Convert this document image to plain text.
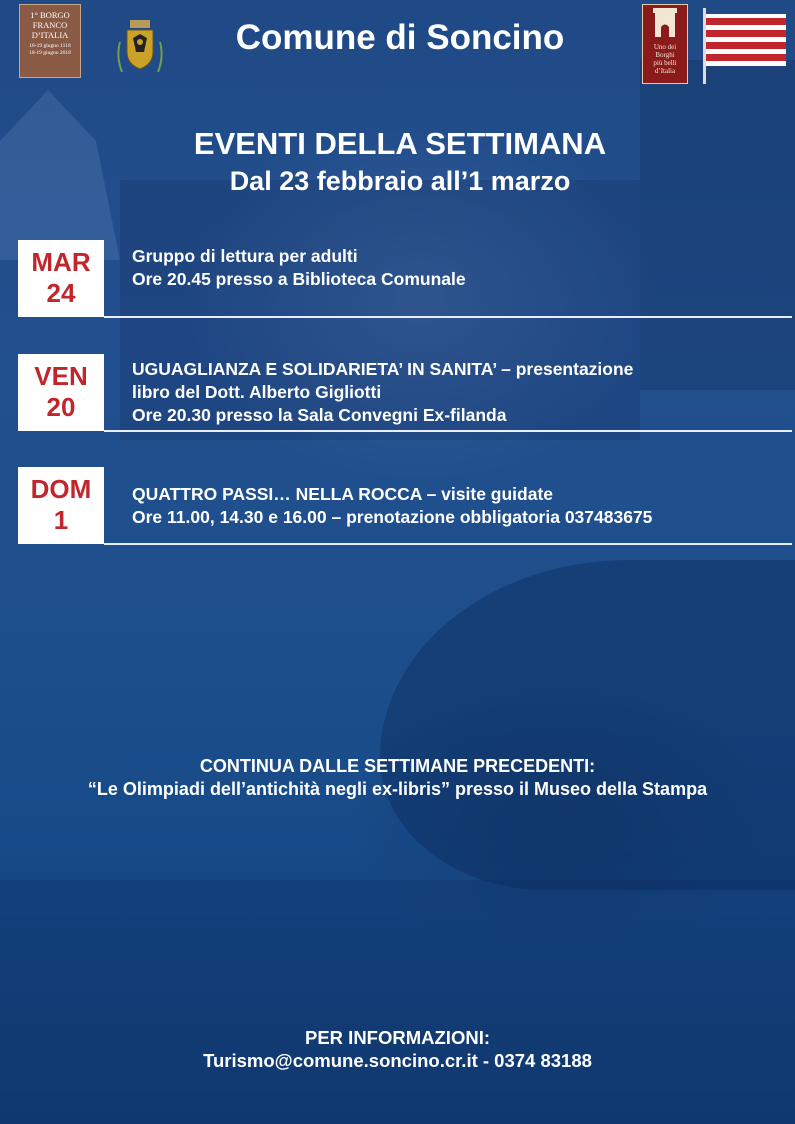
1° BORGO
FRANCO
D’ITALIA
18-19 giugno 1118
18-19 giugno 2018	Comune di Soncino	Uno dei
Borghi
più belli
d’Italia
EVENTI DELLA SETTIMANA
Dal 23 febbraio all’1 marzo
MAR
24
Gruppo di lettura per adulti
Ore 20.45 presso a Biblioteca Comunale
VEN
20
UGUAGLIANZA E SOLIDARIETA’ IN SANITA’ – presentazione
libro del Dott. Alberto Gigliotti
Ore 20.30 presso la Sala Convegni Ex-filanda
DOM
1
QUATTRO PASSI… NELLA ROCCA – visite guidate
Ore 11.00, 14.30 e 16.00 – prenotazione obbligatoria 037483675
CONTINUA DALLE SETTIMANE PRECEDENTI:
“Le Olimpiadi dell’antichità negli ex-libris” presso il Museo della Stampa
PER INFORMAZIONI:
Turismo@comune.soncino.cr.it - 0374 83188
